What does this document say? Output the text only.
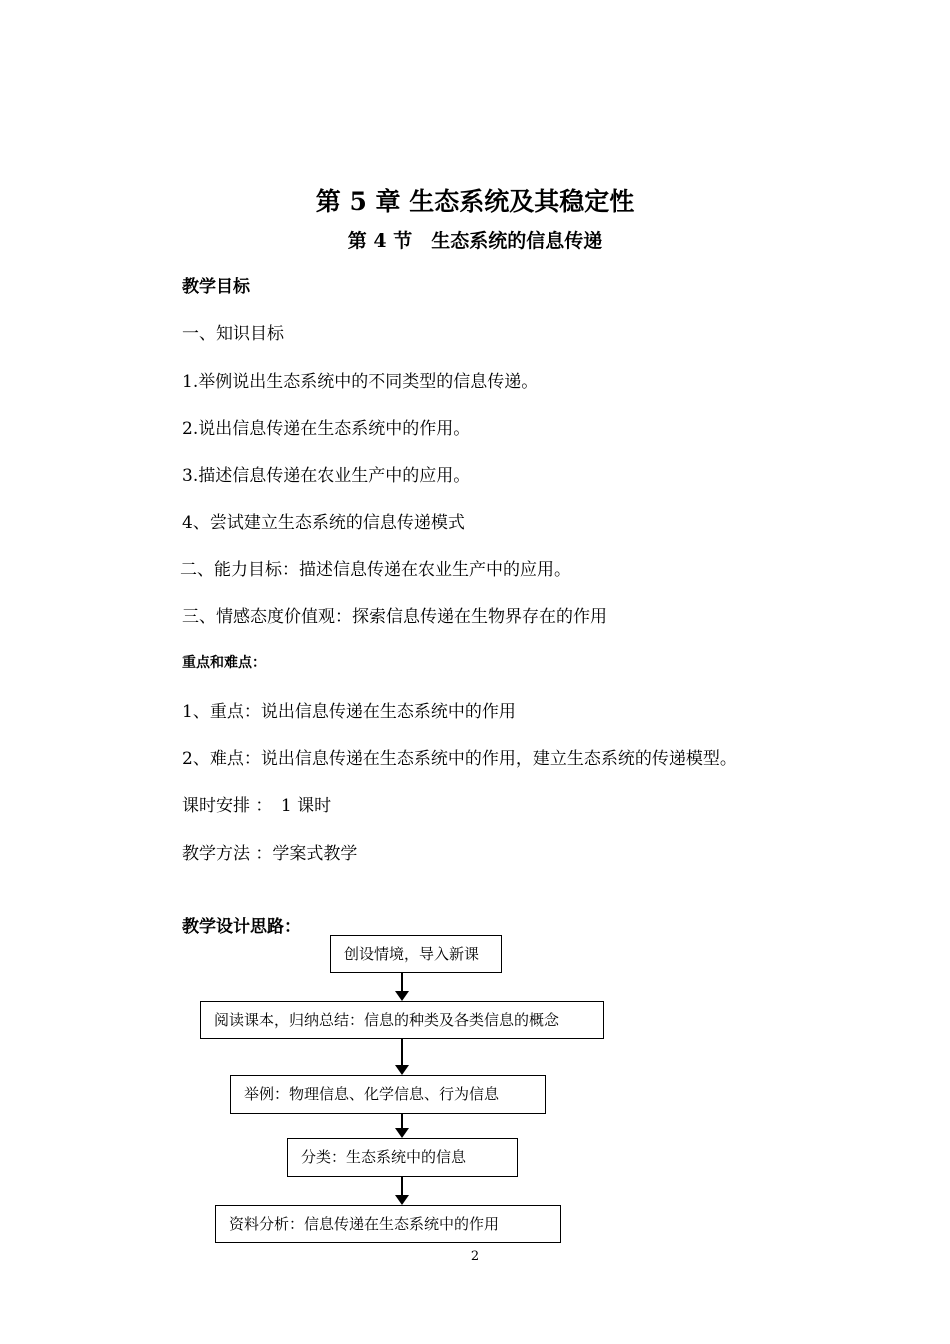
第 5 章 生态系统及其稳定性
第 4 节　生态系统的信息传递
教学目标
一、知识目标
1.举例说出生态系统中的不同类型的信息传递。
2.说出信息传递在生态系统中的作用。
3.描述信息传递在农业生产中的应用。
4、尝试建立生态系统的信息传递模式
二、能力目标：描述信息传递在农业生产中的应用。
三、情感态度价值观：探索信息传递在生物界存在的作用
重点和难点：
1、重点：说出信息传递在生态系统中的作用
2、难点：说出信息传递在生态系统中的作用，建立生态系统的传递模型。
课时安排 ：　1 课时
教学方法 ：学案式教学
教学设计思路：
创设情境，导入新课
阅读课本，归纳总结：信息的种类及各类信息的概念
举例：物理信息、化学信息、行为信息
分类：生态系统中的信息
资料分析：信息传递在生态系统中的作用
2
